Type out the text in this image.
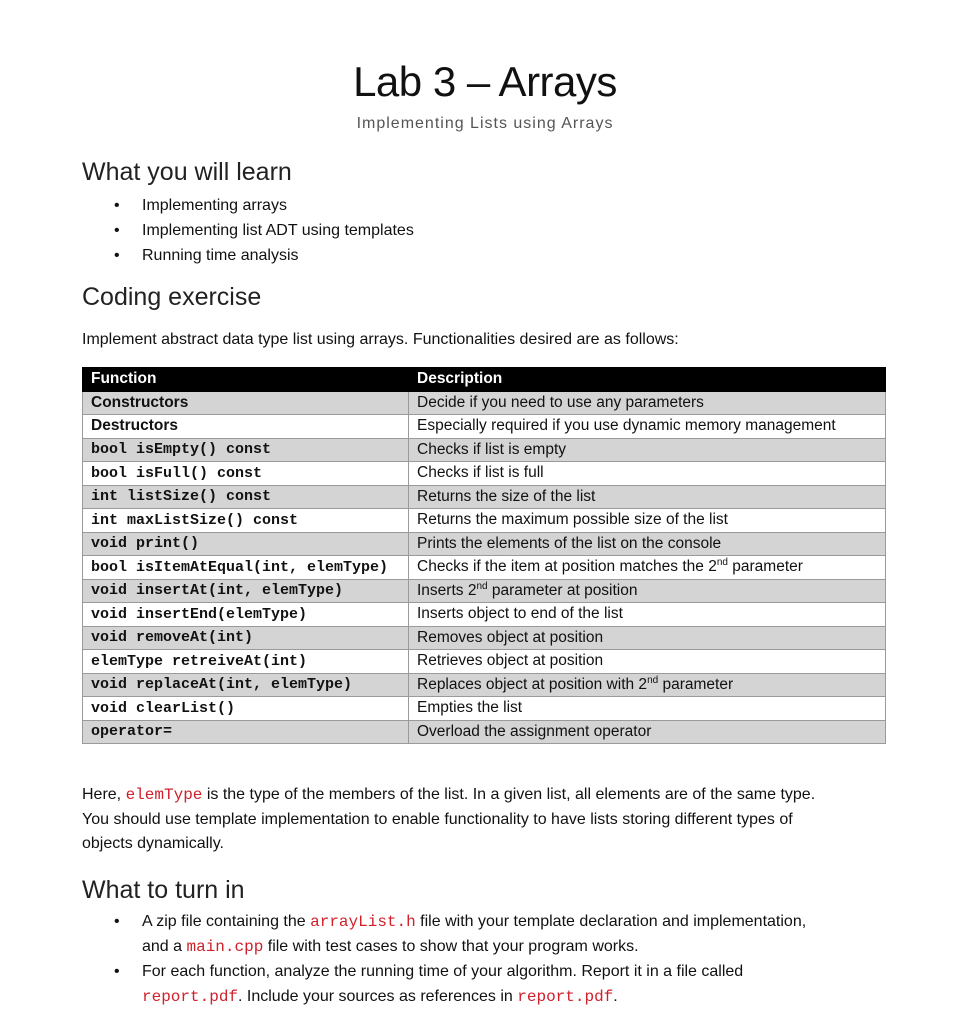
Lab 3 – Arrays
Implementing Lists using Arrays
What you will learn
• Implementing arrays
• Implementing list ADT using templates
• Running time analysis
Coding exercise
Implement abstract data type list using arrays. Functionalities desired are as follows:
Function	Description
Constructors	Decide if you need to use any parameters
Destructors	Especially required if you use dynamic memory management
bool isEmpty() const	Checks if list is empty
bool isFull() const	Checks if list is full
int listSize() const	Returns the size of the list
int maxListSize() const	Returns the maximum possible size of the list
void print()	Prints the elements of the list on the console
bool isItemAtEqual(int, elemType)	Checks if the item at position matches the 2nd parameter
void insertAt(int, elemType)	Inserts 2nd parameter at position
void insertEnd(elemType)	Inserts object to end of the list
void removeAt(int)	Removes object at position
elemType retreiveAt(int)	Retrieves object at position
void replaceAt(int, elemType)	Replaces object at position with 2nd parameter
void clearList()	Empties the list
operator=	Overload the assignment operator
Here, elemType is the type of the members of the list. In a given list, all elements are of the same type.
You should use template implementation to enable functionality to have lists storing different types of
objects dynamically.
What to turn in
• A zip file containing the arrayList.h file with your template declaration and implementation,
and a main.cpp file with test cases to show that your program works.
• For each function, analyze the running time of your algorithm. Report it in a file called
report.pdf. Include your sources as references in report.pdf.
